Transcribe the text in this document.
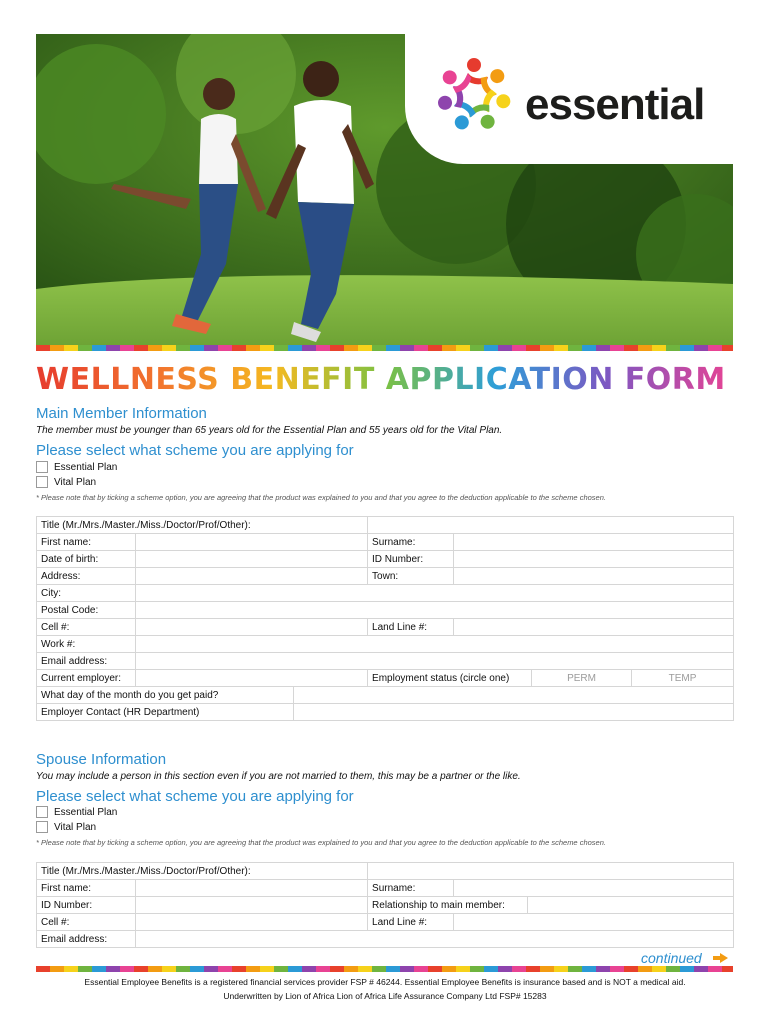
essential
WELLNESS BENEFIT APPLICATION FORM
Main Member Information
The member must be younger than 65 years old for the Essential Plan and 55 years old for the Vital Plan.
Please select what scheme you are applying for
Essential Plan
Vital Plan
* Please note that by ticking a scheme option, you are agreeing that the product was explained to you and that you agree to the deduction applicable to the scheme chosen.
Title (Mr./Mrs./Master./Miss./Doctor/Prof/Other):						
First name:			Surname:			
Date of birth:			ID Number:			
Address:			Town:			
City:						
Postal Code:						
Cell #:			Land Line #:			
Work #:						
Email address:						
Current employer:			Employment status (circle one)		PERM	TEMP
What day of the month do you get paid?						
Employer Contact (HR Department)						
Spouse Information
You may include a person in this section even if you are not married to them, this may be a partner or the like.
Please select what scheme you are applying for
Essential Plan
Vital Plan
* Please note that by ticking a scheme option, you are agreeing that the product was explained to you and that you agree to the deduction applicable to the scheme chosen.
Title (Mr./Mrs./Master./Miss./Doctor/Prof/Other):				
First name:		Surname:		
ID Number:		Relationship to main member:		
Cell #:		Land Line #:		
Email address:				
continued
Essential Employee Benefits is a registered financial services provider FSP # 46244. Essential Employee Benefits is insurance based and is NOT a medical aid.
Underwritten by Lion of Africa Lion of Africa Life Assurance Company Ltd FSP# 15283
